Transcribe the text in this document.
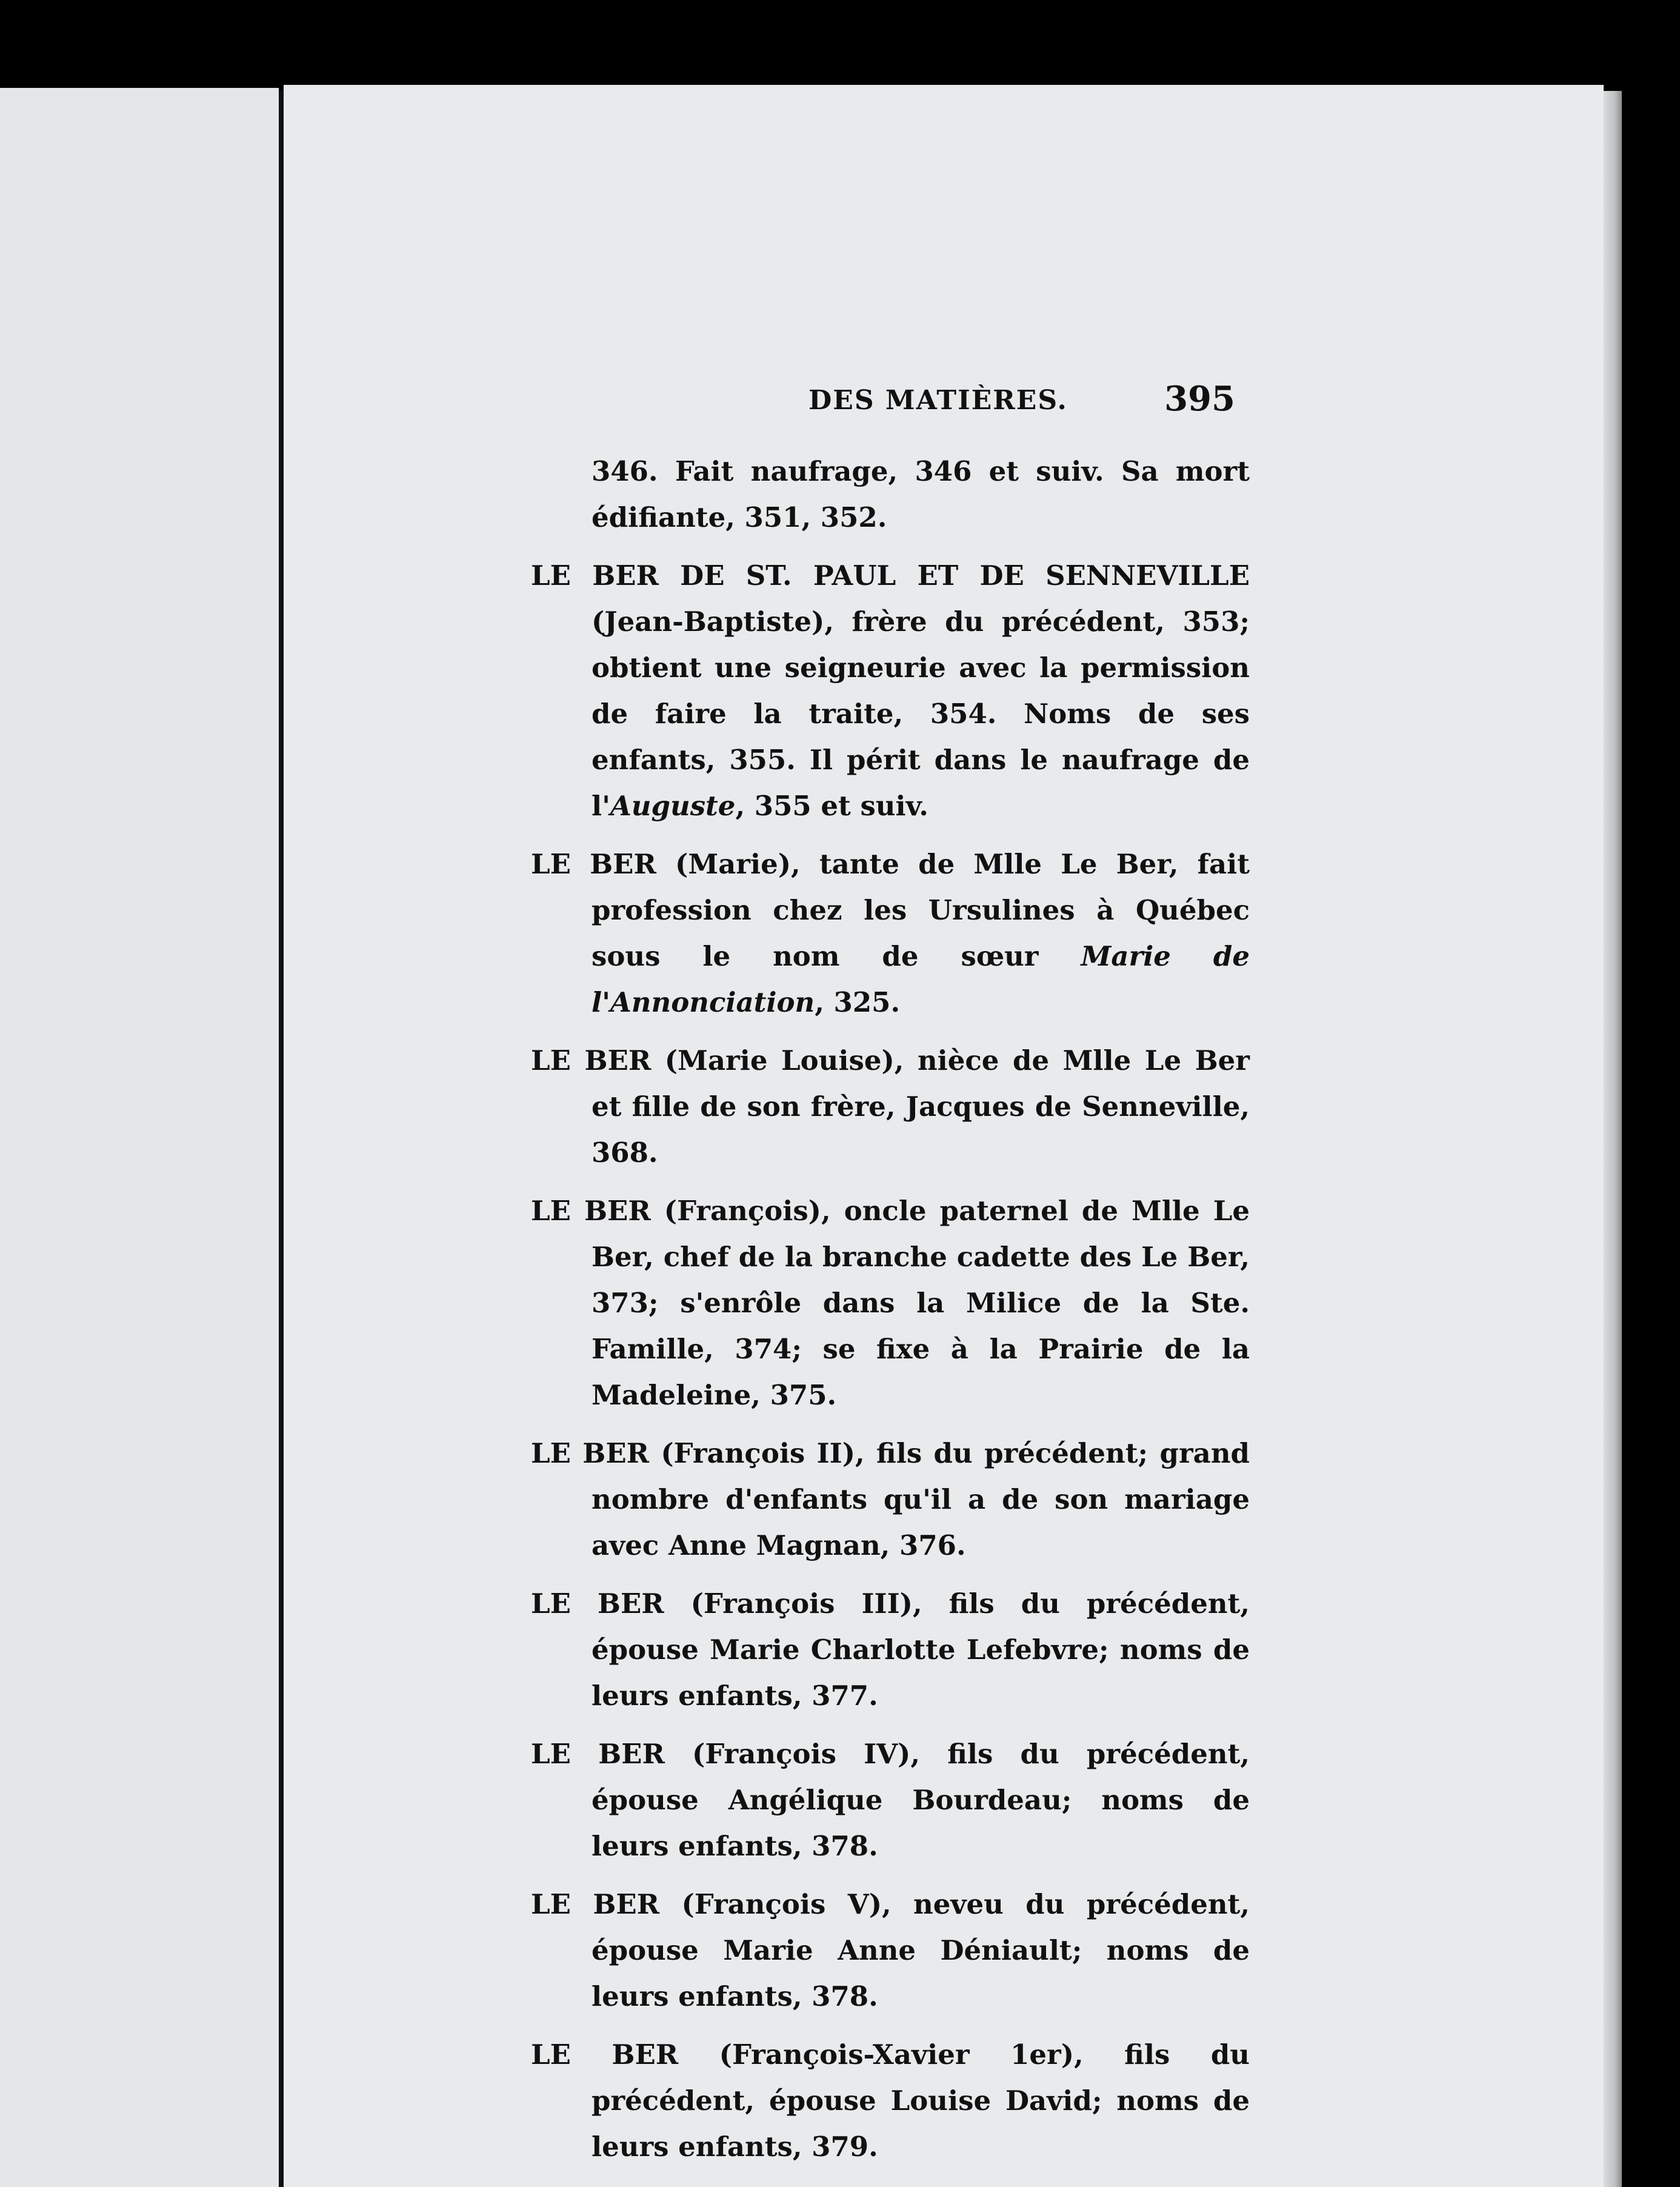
DES MATIÈRES.	395

346. Fait naufrage, 346 et suiv. Sa mort édifiante, 351, 352.

LE BER DE ST. PAUL ET DE SENNEVILLE (Jean-Baptiste), frère du précédent, 353; obtient une seigneurie avec la permission de faire la traite, 354. Noms de ses enfants, 355. Il périt dans le naufrage de l'Auguste, 355 et suiv.

LE BER (Marie), tante de Mlle Le Ber, fait profession chez les Ursulines à Québec sous le nom de sœur Marie de l'Annonciation, 325.

LE BER (Marie Louise), nièce de Mlle Le Ber et fille de son frère, Jacques de Senneville, 368.

LE BER (François), oncle paternel de Mlle Le Ber, chef de la branche cadette des Le Ber, 373; s'enrôle dans la Milice de la Ste. Famille, 374; se fixe à la Prairie de la Madeleine, 375.

LE BER (François II), fils du précédent; grand nombre d'enfants qu'il a de son mariage avec Anne Magnan, 376.

LE BER (François III), fils du précédent, épouse Marie Charlotte Lefebvre; noms de leurs enfants, 377.

LE BER (François IV), fils du précédent, épouse Angélique Bourdeau; noms de leurs enfants, 378.

LE BER (François V), neveu du précédent, épouse Marie Anne Déniault; noms de leurs enfants, 378.

LE BER (François-Xavier 1er), fils du précédent, épouse Louise David; noms de leurs enfants, 379.
